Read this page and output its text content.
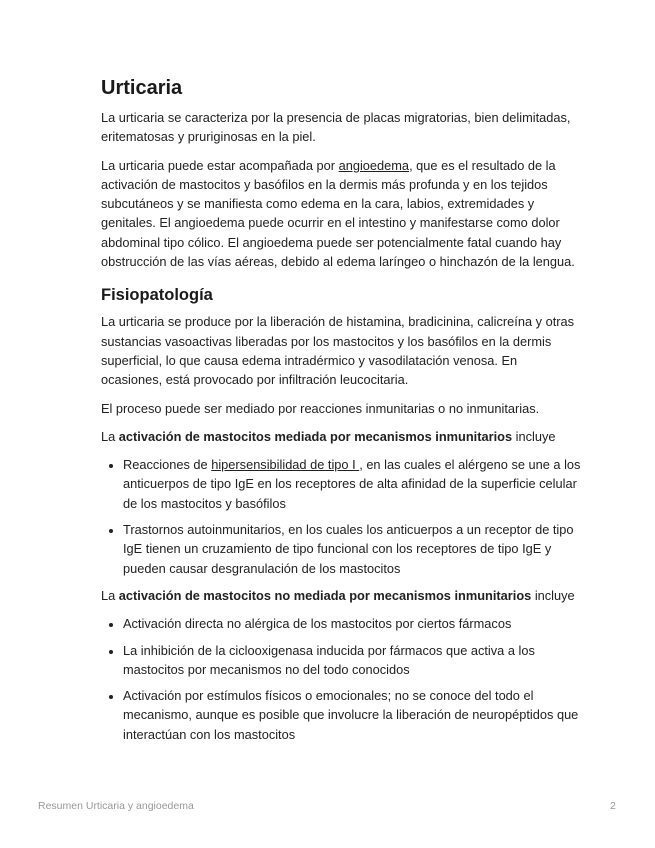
Urticaria

La urticaria se caracteriza por la presencia de placas migratorias, bien delimitadas, eritematosas y pruriginosas en la piel.

La urticaria puede estar acompañada por angioedema, que es el resultado de la activación de mastocitos y basófilos en la dermis más profunda y en los tejidos subcutáneos y se manifiesta como edema en la cara, labios, extremidades y genitales. El angioedema puede ocurrir en el intestino y manifestarse como dolor abdominal tipo cólico. El angioedema puede ser potencialmente fatal cuando hay obstrucción de las vías aéreas, debido al edema laríngeo o hinchazón de la lengua.

Fisiopatología

La urticaria se produce por la liberación de histamina, bradicinina, calicreína y otras sustancias vasoactivas liberadas por los mastocitos y los basófilos en la dermis superficial, lo que causa edema intradérmico y vasodilatación venosa. En ocasiones, está provocado por infiltración leucocitaria.

El proceso puede ser mediado por reacciones inmunitarias o no inmunitarias.

La activación de mastocitos mediada por mecanismos inmunitarios incluye

• Reacciones de hipersensibilidad de tipo I , en las cuales el alérgeno se une a los anticuerpos de tipo IgE en los receptores de alta afinidad de la superficie celular de los mastocitos y basófilos
• Trastornos autoinmunitarios, en los cuales los anticuerpos a un receptor de tipo IgE tienen un cruzamiento de tipo funcional con los receptores de tipo IgE y pueden causar desgranulación de los mastocitos

La activación de mastocitos no mediada por mecanismos inmunitarios incluye

• Activación directa no alérgica de los mastocitos por ciertos fármacos
• La inhibición de la ciclooxigenasa inducida por fármacos que activa a los mastocitos por mecanismos no del todo conocidos
• Activación por estímulos físicos o emocionales; no se conoce del todo el mecanismo, aunque es posible que involucre la liberación de neuropéptidos que interactúan con los mastocitos
Resumen Urticaria y angioedema	2
